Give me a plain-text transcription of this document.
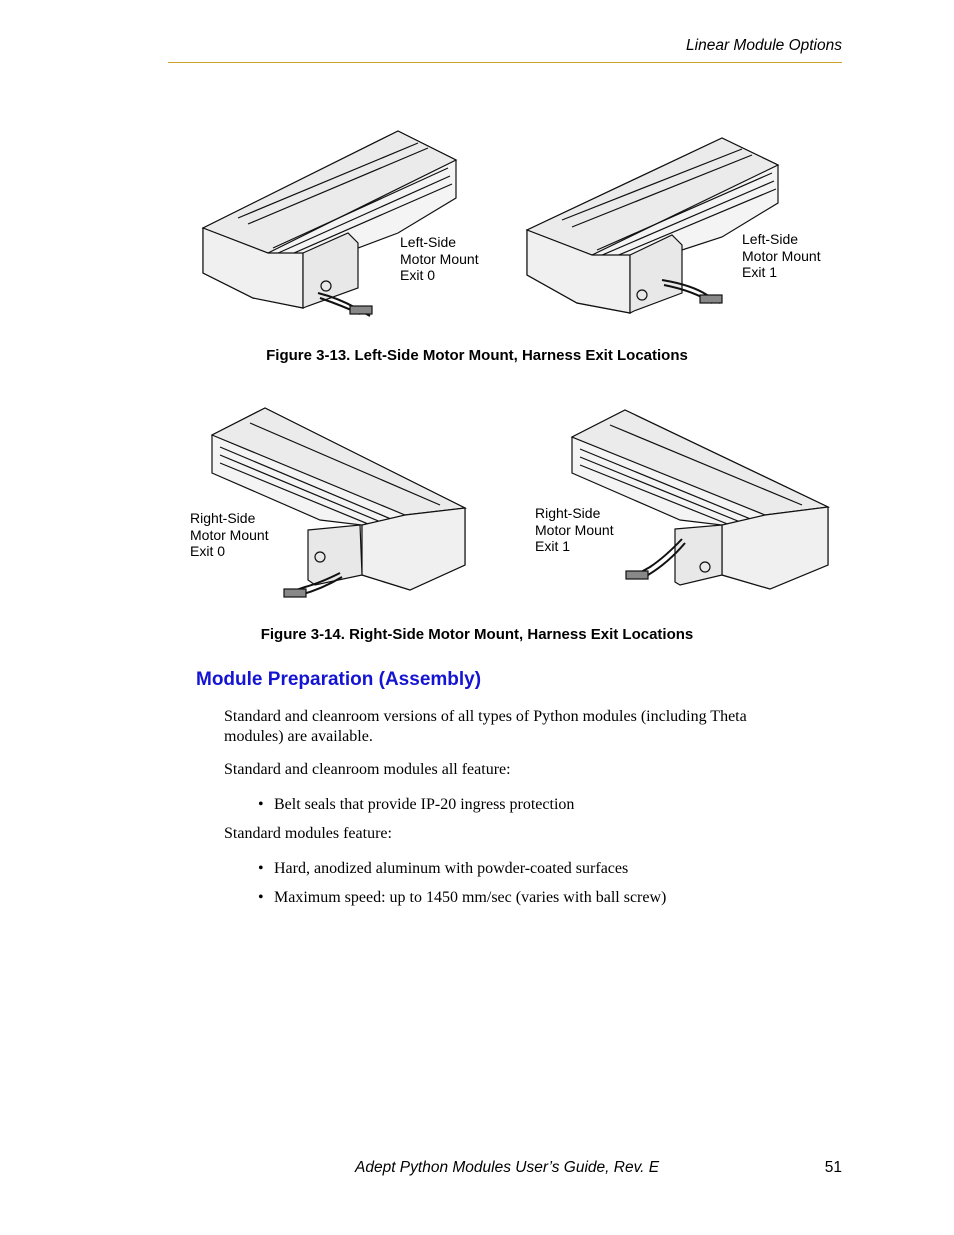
Linear Module Options
Left-Side
Motor Mount
Exit 0
Left-Side
Motor Mount
Exit 1
Figure 3-13. Left-Side Motor Mount, Harness Exit Locations
Right-Side
Motor Mount
Exit 0
Right-Side
Motor Mount
Exit 1
Figure 3-14. Right-Side Motor Mount, Harness Exit Locations
Module Preparation (Assembly)
Standard and cleanroom versions of all types of Python modules (including Theta modules) are available.
Standard and cleanroom modules all feature:
• Belt seals that provide IP-20 ingress protection
Standard modules feature:
• Hard, anodized aluminum with powder-coated surfaces
• Maximum speed: up to 1450 mm/sec (varies with ball screw)
Adept Python Modules User’s Guide, Rev. E	51
